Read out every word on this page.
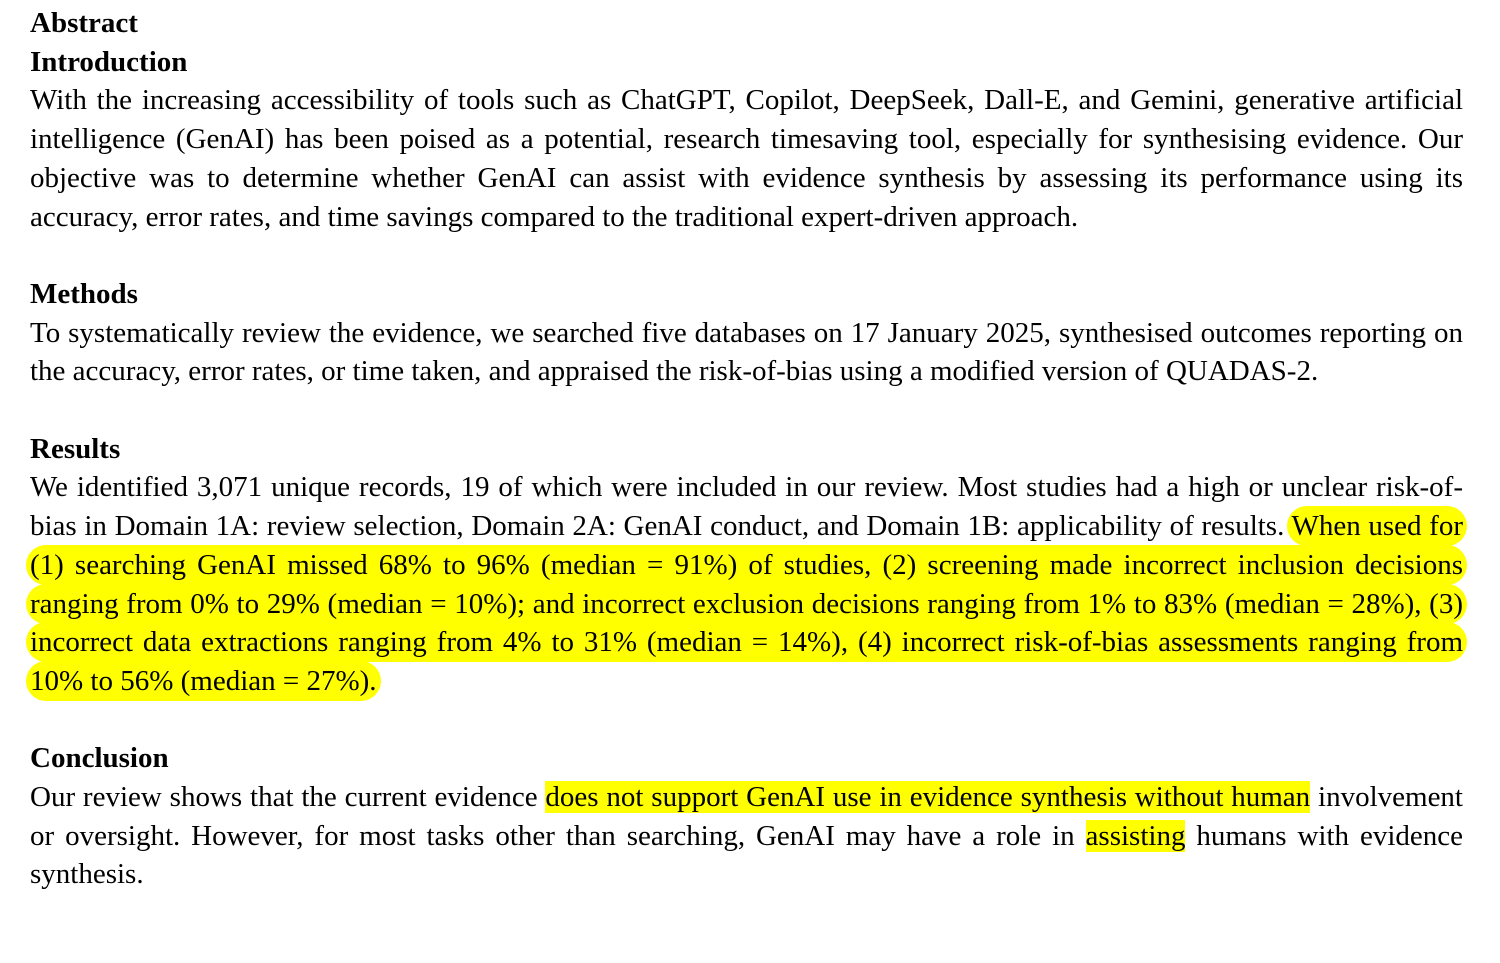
Abstract

Introduction

With the increasing accessibility of tools such as ChatGPT, Copilot, DeepSeek, Dall-E, and Gemini, generative artificial intelligence (GenAI) has been poised as a potential, research timesaving tool, especially for synthesising evidence. Our objective was to determine whether GenAI can assist with evidence synthesis by assessing its performance using its accuracy, error rates, and time savings compared to the traditional expert-driven approach.

Methods

To systematically review the evidence, we searched five databases on 17 January 2025, synthesised outcomes reporting on the accuracy, error rates, or time taken, and appraised the risk-of-bias using a modified version of QUADAS-2.

Results

We identified 3,071 unique records, 19 of which were included in our review. Most studies had a high or unclear risk-of-bias in Domain 1A: review selection, Domain 2A: GenAI conduct, and Domain 1B: applicability of results. When used for (1) searching GenAI missed 68% to 96% (median = 91%) of studies, (2) screening made incorrect inclusion decisions ranging from 0% to 29% (median = 10%); and incorrect exclusion decisions ranging from 1% to 83% (median = 28%), (3) incorrect data extractions ranging from 4% to 31% (median = 14%), (4) incorrect risk-of-bias assessments ranging from 10% to 56% (median = 27%).

Conclusion

Our review shows that the current evidence does not support GenAI use in evidence synthesis without human involvement or oversight. However, for most tasks other than searching, GenAI may have a role in assisting humans with evidence synthesis.
